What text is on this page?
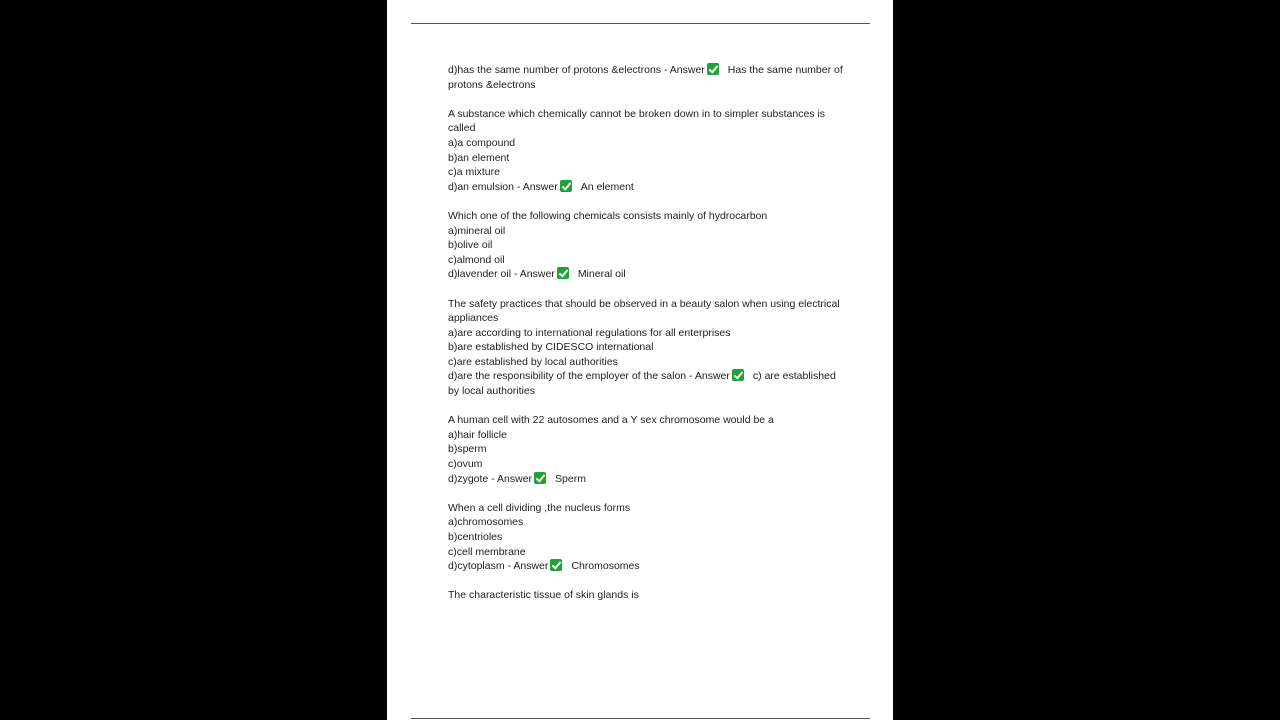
d)has the same number of protons &electrons - Answer Has the same number of protons &electrons
A substance which chemically cannot be broken down in to simpler substances is called
a)a compound
b)an element
c)a mixture
d)an emulsion - Answer An element
Which one of the following chemicals consists mainly of hydrocarbon
a)mineral oil
b)olive oil
c)almond oil
d)lavender oil - Answer Mineral oil
The safety practices that should be observed in a beauty salon when using electrical appliances
a)are according to international regulations for all enterprises
b)are established by CIDESCO international
c)are established by local authorities
d)are the responsibility of the employer of the salon - Answer c) are established by local authorities
A human cell with 22 autosomes and a Y sex chromosome would be a
a)hair follicle
b)sperm
c)ovum
d)zygote - Answer Sperm
When a cell dividing ,the nucleus forms
a)chromosomes
b)centrioles
c)cell membrane
d)cytoplasm - Answer Chromosomes
The characteristic tissue of skin glands is
